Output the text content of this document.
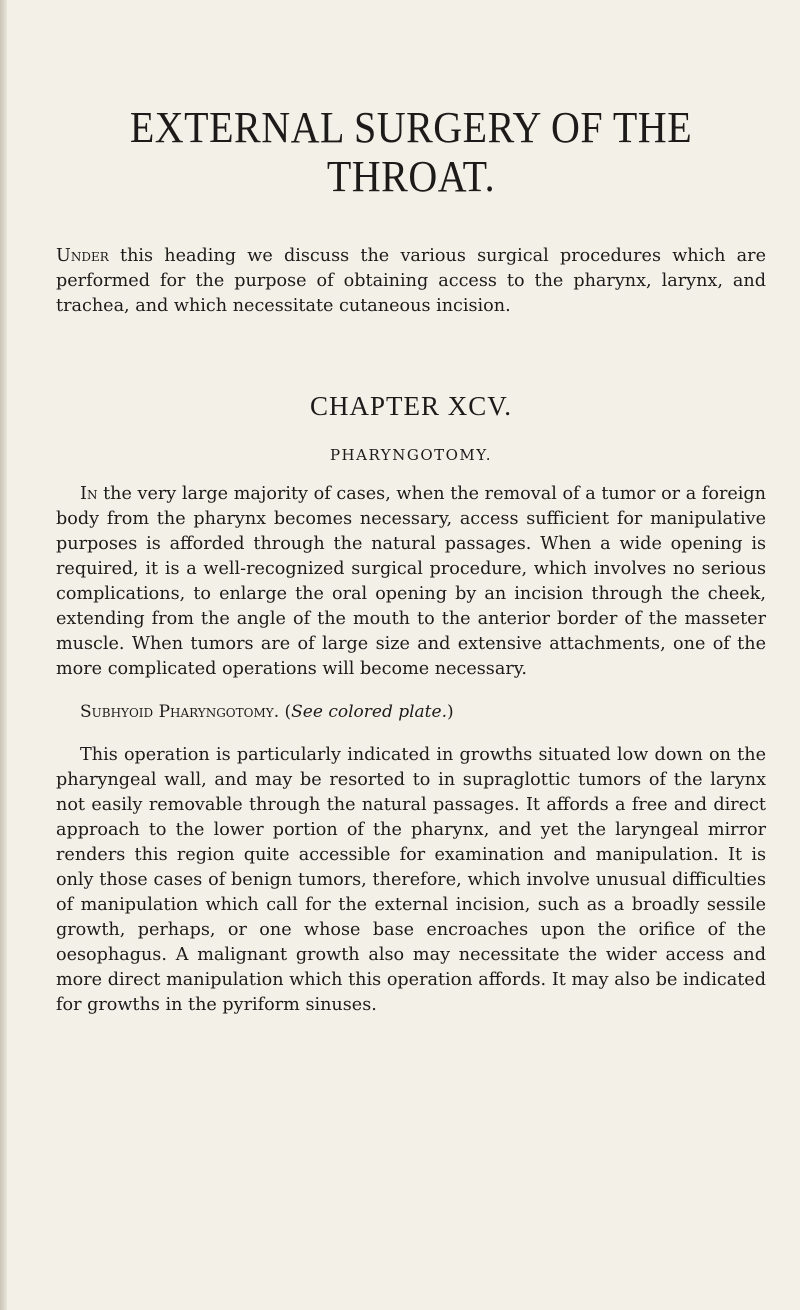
EXTERNAL SURGERY OF THE THROAT.

Under this heading we discuss the various surgical procedures which are performed for the purpose of obtaining access to the pharynx, larynx, and trachea, and which necessitate cutaneous incision.

CHAPTER XCV.
PHARYNGOTOMY.

In the very large majority of cases, when the removal of a tumor or a foreign body from the pharynx becomes necessary, access sufficient for manipulative purposes is afforded through the natural passages. When a wide opening is required, it is a well-recognized surgical procedure, which involves no serious complications, to enlarge the oral opening by an incision through the cheek, extending from the angle of the mouth to the anterior border of the masseter muscle. When tumors are of large size and extensive attachments, one of the more complicated operations will become necessary.

Subhyoid Pharyngotomy. (See colored plate.)

This operation is particularly indicated in growths situated low down on the pharyngeal wall, and may be resorted to in supraglottic tumors of the larynx not easily removable through the natural passages. It affords a free and direct approach to the lower portion of the pharynx, and yet the laryngeal mirror renders this region quite accessible for examination and manipulation. It is only those cases of benign tumors, therefore, which involve unusual difficulties of manipulation which call for the external incision, such as a broadly sessile growth, perhaps, or one whose base encroaches upon the orifice of the oesophagus. A malignant growth also may necessitate the wider access and more direct manipulation which this operation affords. It may also be indicated for growths in the pyriform sinuses.
